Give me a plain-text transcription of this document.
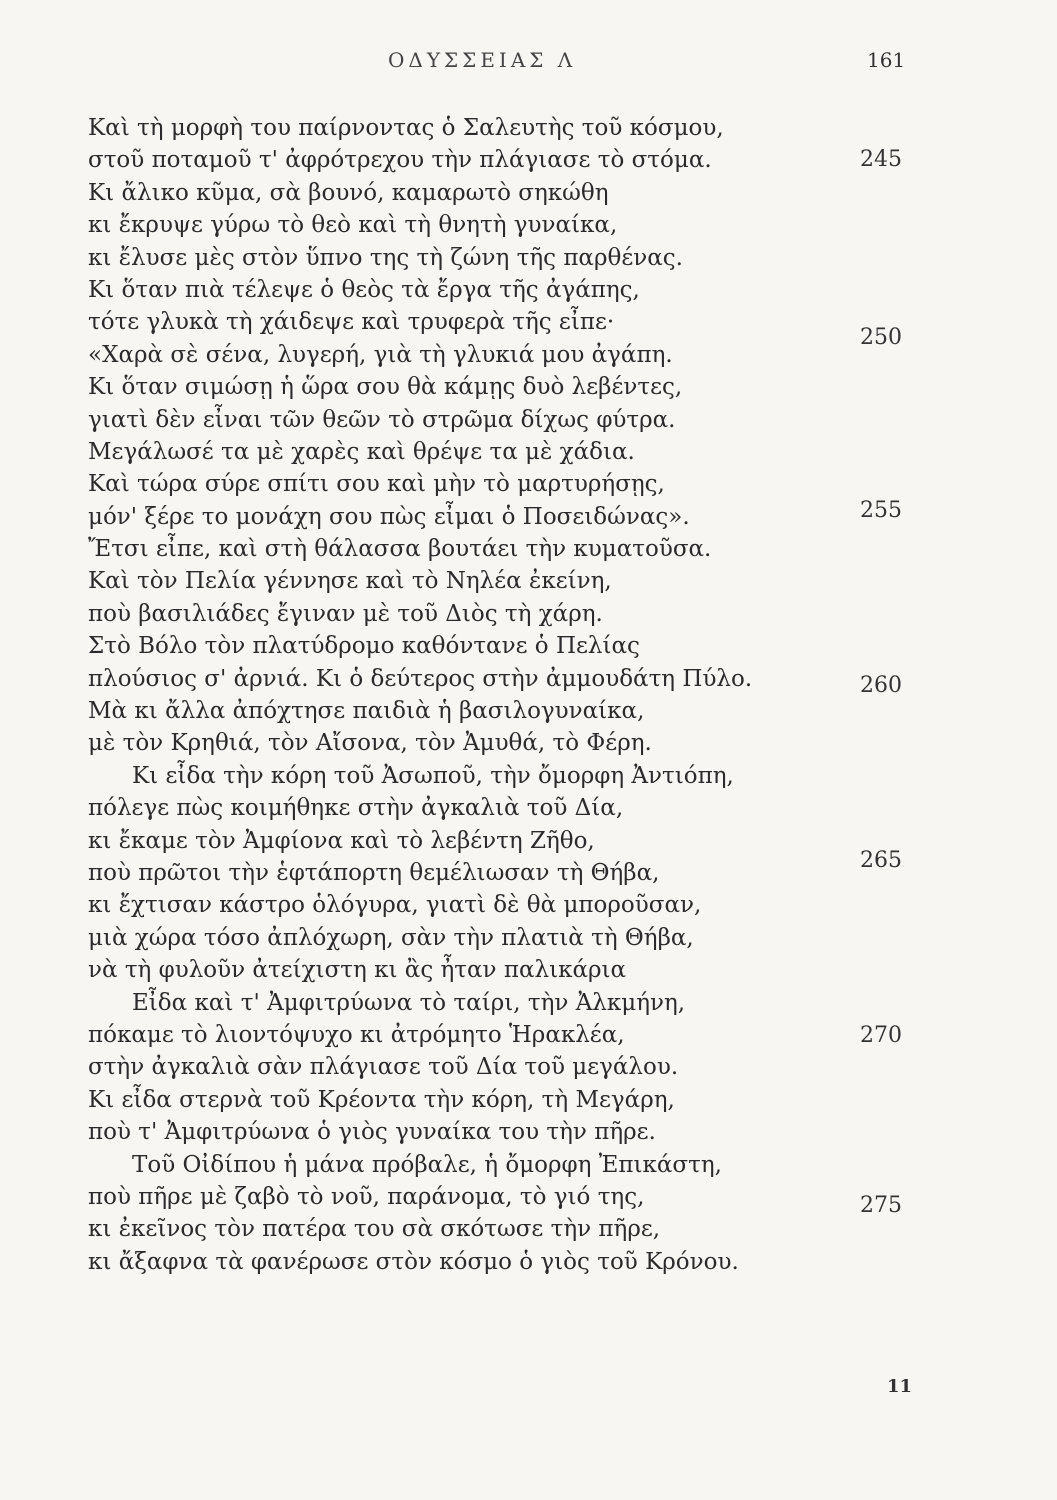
ΟΔΥΣΣΕΙΑΣ Λ	161
Καὶ τὴ μορφὴ του παίρνοντας ὁ Σαλευτὴς τοῦ κόσμου,
στοῦ ποταμοῦ τ' ἀφρότρεχου τὴν πλάγιασε τὸ στόμα.
Κι ἄλικο κῦμα, σὰ βουνό, καμαρωτὸ σηκώθη
κι ἔκρυψε γύρω τὸ θεὸ καὶ τὴ θνητὴ γυναίκα,
κι ἔλυσε μὲς στὸν ὕπνο της τὴ ζώνη τῆς παρθένας.
Κι ὅταν πιὰ τέλεψε ὁ θεὸς τὰ ἔργα τῆς ἀγάπης,
τότε γλυκὰ τὴ χάιδεψε καὶ τρυφερὰ τῆς εἶπε·
«Χαρὰ σὲ σένα, λυγερή, γιὰ τὴ γλυκιά μου ἀγάπη.
Κι ὅταν σιμώσῃ ἡ ὥρα σου θὰ κάμῃς δυὸ λεβέντες,
γιατὶ δὲν εἶναι τῶν θεῶν τὸ στρῶμα δίχως φύτρα.
Μεγάλωσέ τα μὲ χαρὲς καὶ θρέψε τα μὲ χάδια.
Καὶ τώρα σύρε σπίτι σου καὶ μὴν τὸ μαρτυρήσῃς,
μόν' ξέρε το μονάχη σου πὼς εἶμαι ὁ Ποσειδώνας».
Ἔτσι εἶπε, καὶ στὴ θάλασσα βουτάει τὴν κυματοῦσα.
Καὶ τὸν Πελία γέννησε καὶ τὸ Νηλέα ἐκείνη,
ποὺ βασιλιάδες ἔγιναν μὲ τοῦ Διὸς τὴ χάρη.
Στὸ Βόλο τὸν πλατύδρομο καθόντανε ὁ Πελίας
πλούσιος σ' ἀρνιά. Κι ὁ δεύτερος στὴν ἀμμουδάτη Πύλο.
Μὰ κι ἄλλα ἀπόχτησε παιδιὰ ἡ βασιλογυναίκα,
μὲ τὸν Κρηθιά, τὸν Αἴσονα, τὸν Ἀμυθά, τὸ Φέρη.
Κι εἶδα τὴν κόρη τοῦ Ἀσωποῦ, τὴν ὄμορφη Ἀντιόπη,
πόλεγε πὼς κοιμήθηκε στὴν ἀγκαλιὰ τοῦ Δία,
κι ἔκαμε τὸν Ἀμφίονα καὶ τὸ λεβέντη Ζῆθο,
ποὺ πρῶτοι τὴν ἑφτάπορτη θεμέλιωσαν τὴ Θήβα,
κι ἔχτισαν κάστρο ὁλόγυρα, γιατὶ δὲ θὰ μποροῦσαν,
μιὰ χώρα τόσο ἀπλόχωρη, σὰν τὴν πλατιὰ τὴ Θήβα,
νὰ τὴ φυλοῦν ἀτείχιστη κι ἂς ἦταν παλικάρια
Εἶδα καὶ τ' Ἀμφιτρύωνα τὸ ταίρι, τὴν Ἀλκμήνη,
πόκαμε τὸ λιοντόψυχο κι ἀτρόμητο Ἡρακλέα,
στὴν ἀγκαλιὰ σὰν πλάγιασε τοῦ Δία τοῦ μεγάλου.
Κι εἶδα στερνὰ τοῦ Κρέοντα τὴν κόρη, τὴ Μεγάρη,
ποὺ τ' Ἀμφιτρύωνα ὁ γιὸς γυναίκα του τὴν πῆρε.
Τοῦ Οἰδίπου ἡ μάνα πρόβαλε, ἡ ὄμορφη Ἐπικάστη,
ποὺ πῆρε μὲ ζαβὸ τὸ νοῦ, παράνομα, τὸ γιό της,
κι ἐκεῖνος τὸν πατέρα του σὰ σκότωσε τὴν πῆρε,
κι ἄξαφνα τὰ φανέρωσε στὸν κόσμο ὁ γιὸς τοῦ Κρόνου.
245
250
255
260
265
270
275
11
